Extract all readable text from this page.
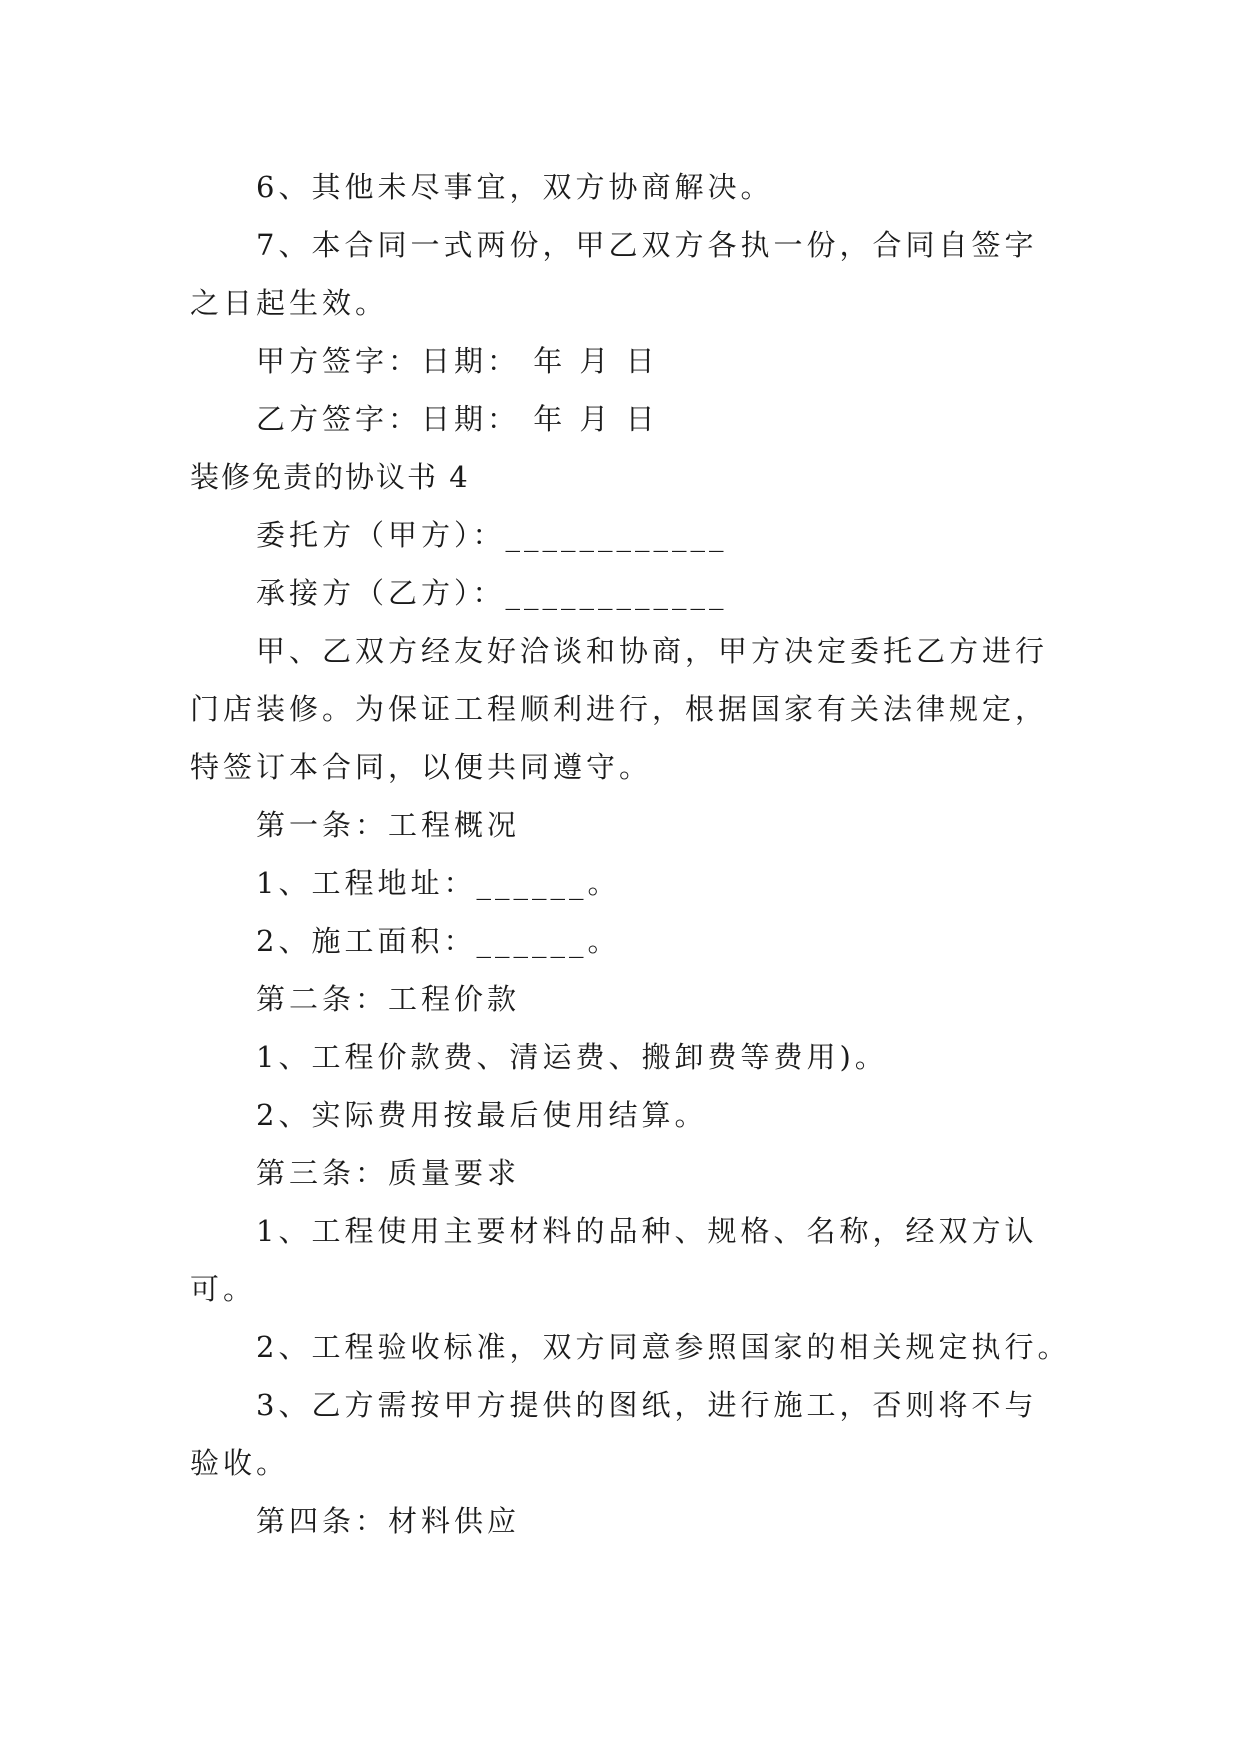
6、其他未尽事宜，双方协商解决。
7、本合同一式两份，甲乙双方各执一份，合同自签字
之日起生效。
甲方签字：日期： 年 月 日
乙方签字：日期： 年 月 日
装修免责的协议书 4
委托方（甲方）：____________
承接方（乙方）：____________
甲、乙双方经友好洽谈和协商，甲方决定委托乙方进行
门店装修。为保证工程顺利进行，根据国家有关法律规定，
特签订本合同，以便共同遵守。
第一条：工程概况
1、工程地址：______。
2、施工面积：______。
第二条：工程价款
1、工程价款费、清运费、搬卸费等费用)。
2、实际费用按最后使用结算。
第三条：质量要求
1、工程使用主要材料的品种、规格、名称，经双方认
可。
2、工程验收标准，双方同意参照国家的相关规定执行。
3、乙方需按甲方提供的图纸，进行施工，否则将不与
验收。
第四条：材料供应
